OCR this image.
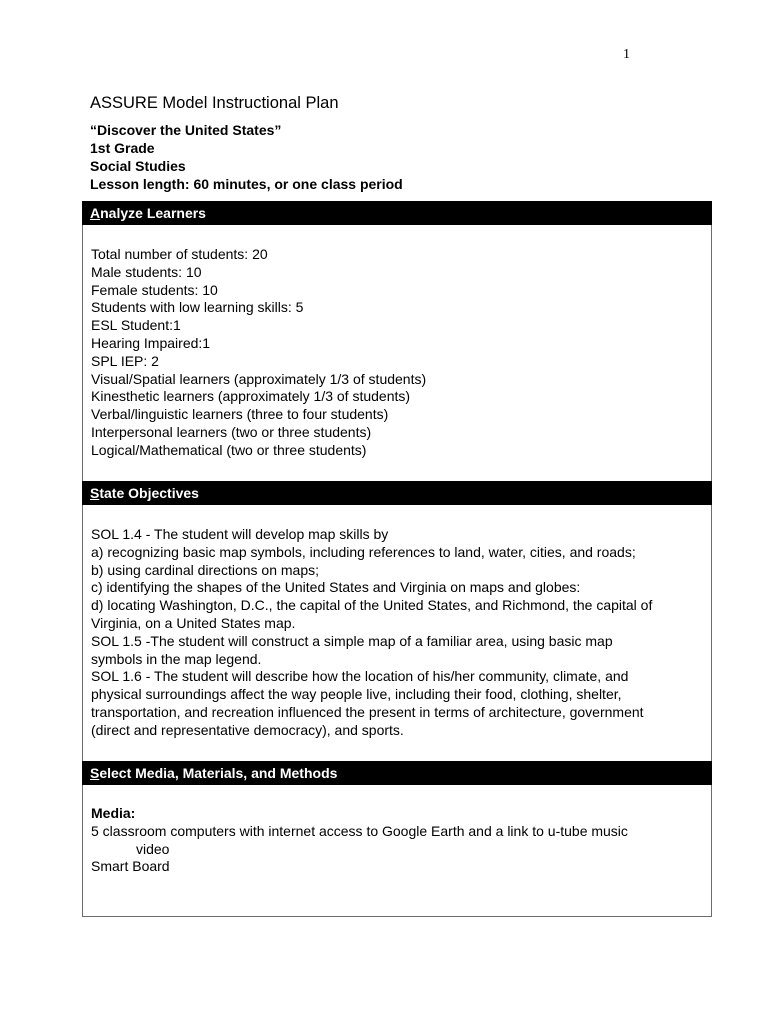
1
ASSURE Model Instructional Plan
“Discover the United States”
1st Grade
Social Studies
Lesson length: 60 minutes, or one class period
Analyze Learners
Total number of students: 20
Male students: 10
Female students: 10
Students with low learning skills: 5
ESL Student:1
Hearing Impaired:1
SPL IEP: 2
Visual/Spatial learners (approximately 1/3 of students)
Kinesthetic learners (approximately 1/3 of students)
Verbal/linguistic learners (three to four students)
Interpersonal learners (two or three students)
Logical/Mathematical (two or three students)
State Objectives
SOL 1.4 - The student will develop map skills by
a) recognizing basic map symbols, including references to land, water, cities, and roads;
b) using cardinal directions on maps;
c) identifying the shapes of the United States and Virginia on maps and globes:
d) locating Washington, D.C., the capital of the United States, and Richmond, the capital of
Virginia, on a United States map.
SOL 1.5 -The student will construct a simple map of a familiar area, using basic map
symbols in the map legend.
SOL 1.6 - The student will describe how the location of his/her community, climate, and
physical surroundings affect the way people live, including their food, clothing, shelter,
transportation, and recreation influenced the present in terms of architecture, government
(direct and representative democracy), and sports.
Select Media, Materials, and Methods
Media:
5 classroom computers with internet access to Google Earth and a link to u-tube music
video
Smart Board
